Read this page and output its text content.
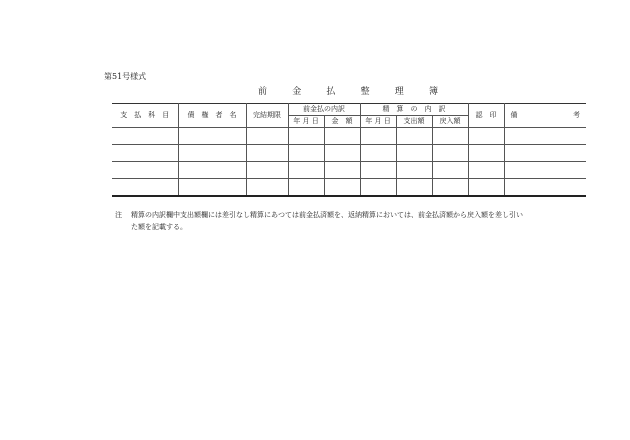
第51号様式
前	金	払	整	理	簿
支　払　科　目	債　権　者　名	完結期限	前金払の内訳		精　算　の　内　訳			認　印	備 考

			年 月 日	金　額	年 月 日	支出額	戻入額		

注 精算の内訳欄中支出額欄には差引なし精算にあつては前金払済額を、返納精算においては、前金払済額から戻入額を差し引い
た額を記載する。
